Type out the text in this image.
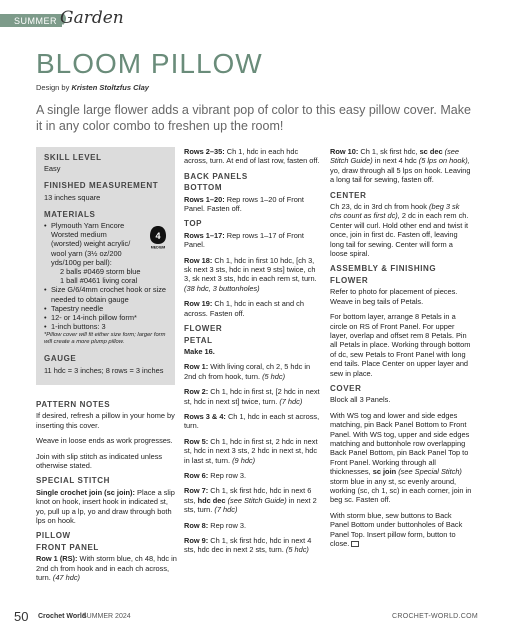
SUMMER Garden
BLOOM PILLOW
Design by Kristen Stoltzfus Clay

A single large flower adds a vibrant pop of color to this easy pillow cover. Make it in any color combo to freshen up the room!

SKILL LEVEL
Easy
FINISHED MEASUREMENT
13 inches square
MATERIALS
• Plymouth Yarn Encore Worsted medium (worsted) weight acrylic/ wool yarn (3½ oz/200 yds/100g per ball):
2 balls #0469 storm blue
1 ball #0461 living coral
• Size G/6/4mm crochet hook or size needed to obtain gauge
• Tapestry needle
• 12- or 14-inch pillow form*
• 1-inch buttons: 3
*Pillow cover will fit either size form; larger form will create a more plump pillow.
GAUGE
11 hdc = 3 inches; 8 rows = 3 inches
4
MEDIUM
PATTERN NOTES

If desired, refresh a pillow in your home by inserting this cover.

Weave in loose ends as work progresses.

Join with slip stitch as indicated unless otherwise stated.

SPECIAL STITCH

Single crochet join (sc join): Place a slip knot on hook, insert hook in indicated st, yo, pull up a lp, yo and draw through both lps on hook.

PILLOW
FRONT PANEL

Row 1 (RS): With storm blue, ch 48, hdc in 2nd ch from hook and in each ch across, turn. (47 hdc)

Rows 2–35: Ch 1, hdc in each hdc across, turn. At end of last row, fasten off.

BACK PANELS
BOTTOM

Rows 1–20: Rep rows 1–20 of Front Panel. Fasten off.

TOP

Rows 1–17: Rep rows 1–17 of Front Panel.

Row 18: Ch 1, hdc in first 10 hdc, [ch 3, sk next 3 sts, hdc in next 9 sts] twice, ch 3, sk next 3 sts, hdc in each rem st, turn. (38 hdc, 3 buttonholes)

Row 19: Ch 1, hdc in each st and ch across. Fasten off.

FLOWER
PETAL

Make 16.

Row 1: With living coral, ch 2, 5 hdc in 2nd ch from hook, turn. (5 hdc)

Row 2: Ch 1, hdc in first st, [2 hdc in next st, hdc in next st] twice, turn. (7 hdc)

Rows 3 & 4: Ch 1, hdc in each st across, turn.

Row 5: Ch 1, hdc in first st, 2 hdc in next st, hdc in next 3 sts, 2 hdc in next st, hdc in last st, turn. (9 hdc)

Row 6: Rep row 3.

Row 7: Ch 1, sk first hdc, hdc in next 6 sts, hdc dec (see Stitch Guide) in next 2 sts, turn. (7 hdc)

Row 8: Rep row 3.

Row 9: Ch 1, sk first hdc, hdc in next 4 sts, hdc dec in next 2 sts, turn. (5 hdc)

Row 10: Ch 1, sk first hdc, sc dec (see Stitch Guide) in next 4 hdc (5 lps on hook), yo, draw through all 5 lps on hook. Leaving a long tail for sewing, fasten off.

CENTER

Ch 23, dc in 3rd ch from hook (beg 3 sk chs count as first dc), 2 dc in each rem ch. Center will curl. Hold other end and twist it once, join in first dc. Fasten off, leaving long tail for sewing. Center will form a loose spiral.

ASSEMBLY & FINISHING
FLOWER

Refer to photo for placement of pieces. Weave in beg tails of Petals.

For bottom layer, arrange 8 Petals in a circle on RS of Front Panel. For upper layer, overlap and offset rem 8 Petals. Pin all Petals in place. Working through bottom of dc, sew Petals to Front Panel with long end tails. Place Center on upper layer and sew in place.

COVER

Block all 3 Panels.

With WS tog and lower and side edges matching, pin Back Panel Bottom to Front Panel. With WS tog, upper and side edges matching and buttonhole row overlapping Back Panel Bottom, pin Back Panel Top to Front Panel. Working through all thicknesses, sc join (see Special Stitch) storm blue in any st, sc evenly around, working (sc, ch 1, sc) in each corner, join in beg sc. Fasten off.

With storm blue, sew buttons to Back Panel Bottom under buttonholes of Back Panel Top. Insert pillow form, button to close.

50 Crochet World
SUMMER 2024	CROCHET-WORLD.COM
